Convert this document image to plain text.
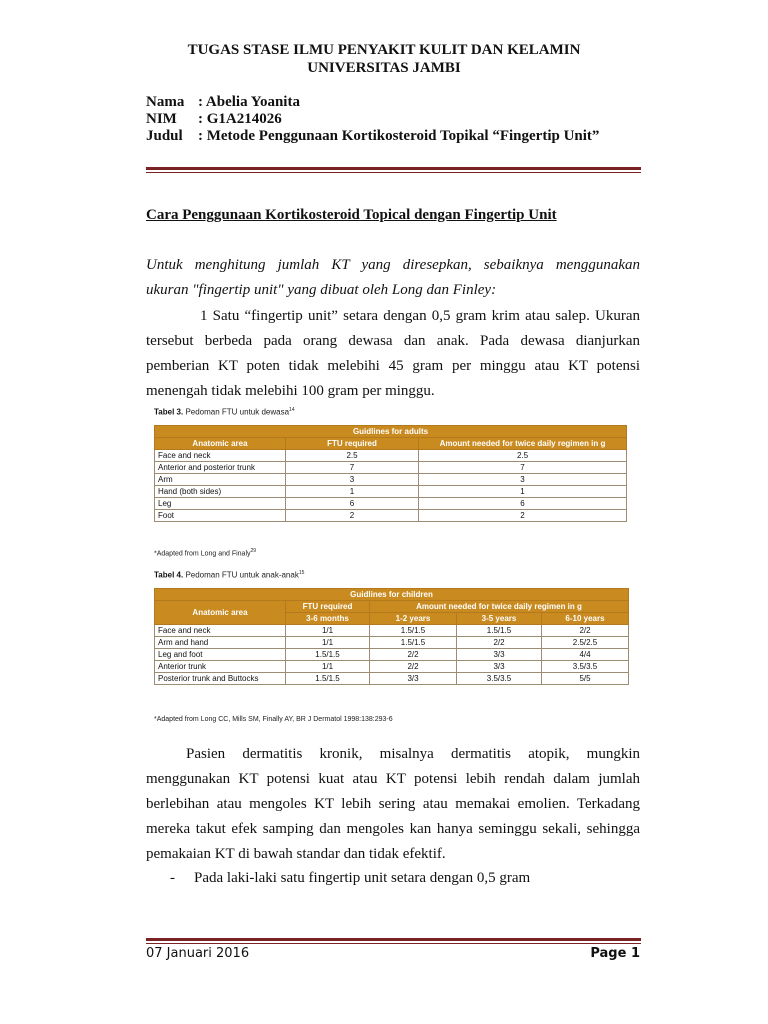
TUGAS STASE ILMU PENYAKIT KULIT DAN KELAMIN
UNIVERSITAS JAMBI
Nama : Abelia Yoanita
NIM : G1A214026
Judul : Metode Penggunaan Kortikosteroid Topikal “Fingertip Unit”
Cara Penggunaan Kortikosteroid Topical dengan Fingertip Unit
Untuk menghitung jumlah KT yang diresepkan, sebaiknya menggunakan
ukuran "fingertip unit" yang dibuat oleh Long dan Finley:
1 Satu “fingertip unit” setara dengan 0,5 gram krim atau salep. Ukuran
tersebut berbeda pada orang dewasa dan anak. Pada dewasa dianjurkan
pemberian KT poten tidak melebihi 45 gram per minggu atau KT potensi
menengah tidak melebihi 100 gram per minggu.
Tabel 3. Pedoman FTU untuk dewasa$^{14}$
Guidlines for adults		
Anatomic area	FTU required	Amount needed for twice daily regimen in g
Face and neck	2.5	2.5
Anterior and posterior trunk	7	7
Arm	3	3
Hand (both sides)	1	1
Leg	6	6
Foot	2	2
*Adapted from Long and Finaly$^{29}$
Tabel 4. Pedoman FTU untuk anak-anak$^{15}$
Guidlines for children				
Anatomic area	FTU required	Amount needed for twice daily regimen in g		
	3-6 months	1-2 years	3-5 years	6-10 years
Face and neck	1/1	1.5/1.5	1.5/1.5	2/2
Arm and hand	1/1	1.5/1.5	2/2	2.5/2.5
Leg and foot	1.5/1.5	2/2	3/3	4/4
Anterior trunk	1/1	2/2	3/3	3.5/3.5
Posterior trunk and Buttocks	1.5/1.5	3/3	3.5/3.5	5/5
*Adapted from Long CC, Mills SM, Finally AY, BR J Dermatol 1998:138:293-6
Pasien dermatitis kronik, misalnya dermatitis atopik, mungkin
menggunakan KT potensi kuat atau KT potensi lebih rendah dalam jumlah
berlebihan atau mengoles KT lebih sering atau memakai emolien. Terkadang
mereka takut efek samping dan mengoles kan hanya seminggu sekali, sehingga
pemakaian KT di bawah standar dan tidak efektif.
- Pada laki-laki satu fingertip unit setara dengan 0,5 gram
07 Januari 2016	Page 1
